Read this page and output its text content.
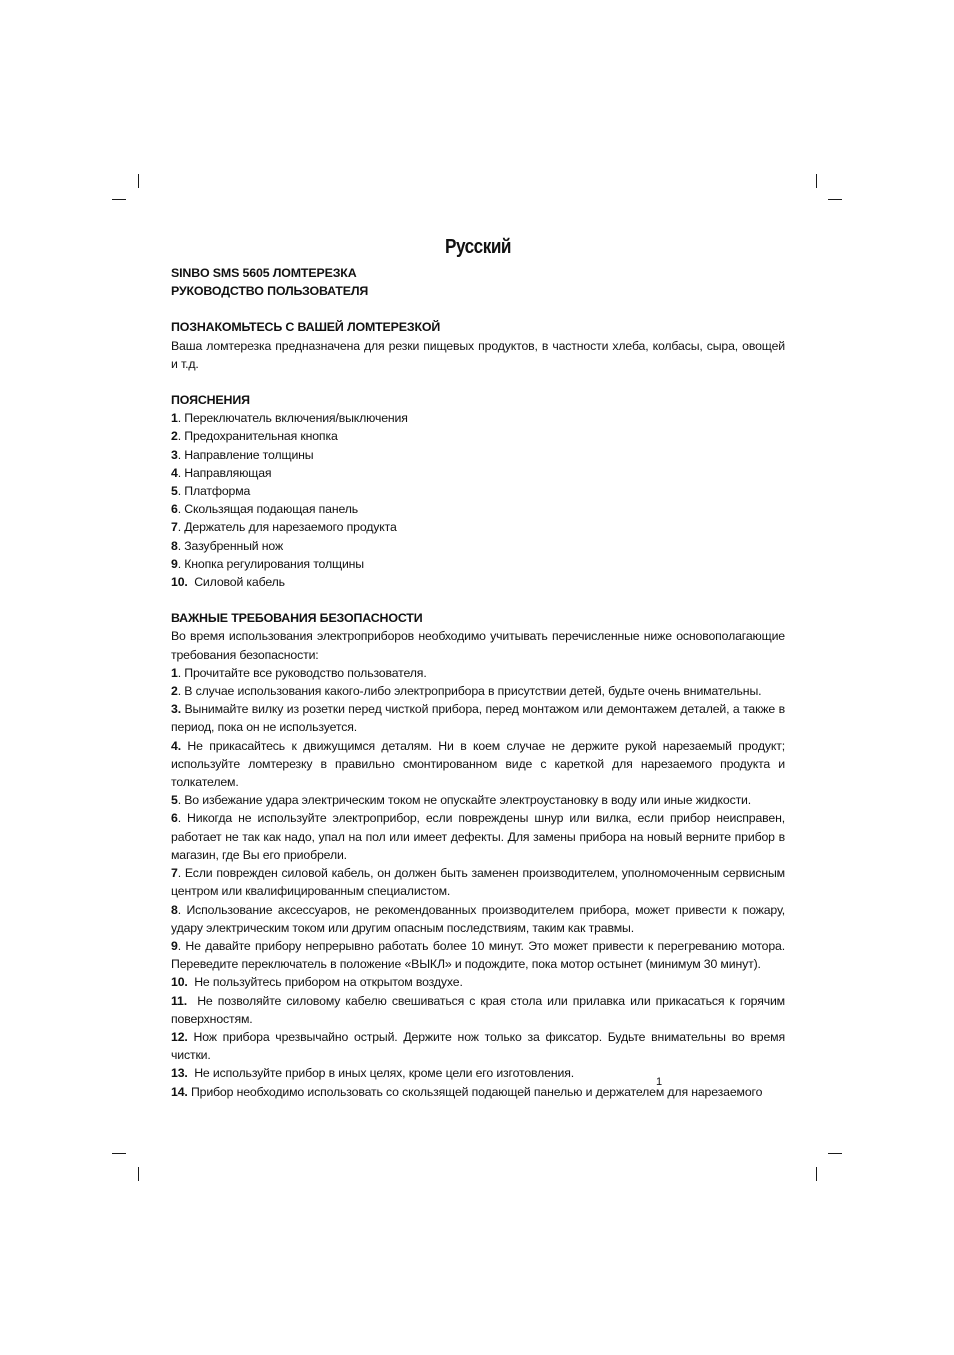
Русский
SINBO SMS 5605 ЛОМТЕРЕЗКА
РУКОВОДСТВО ПОЛЬЗОВАТЕЛЯ
ПОЗНАКОМЬТЕСЬ С ВАШЕЙ ЛОМТЕРЕЗКОЙ

Ваша ломтерезка предназначена для резки пищевых продуктов, в частности хлеба, колбасы, сыра, овощей и т.д.

ПОЯСНЕНИЯ
1. Переключатель включения/выключения
2. Предохранительная кнопка
3. Направление толщины
4. Направляющая
5. Платформа
6. Скользящая подающая панель
7. Держатель для нарезаемого продукта
8. Зазубренный нож
9. Кнопка регулирования толщины
10. Силовой кабель
ВАЖНЫЕ ТРЕБОВАНИЯ БЕЗОПАСНОСТИ

Во время использования электроприборов необходимо учитывать перечисленные ниже основополагающие требования безопасности:

1. Прочитайте все руководство пользователя.

2. В случае использования какого-либо электроприбора в присутствии детей, будьте очень внимательны.

3. Вынимайте вилку из розетки перед чисткой прибора, перед монтажом или демонтажем деталей, а также в период, пока он не используется.

4. Не прикасайтесь к движущимся деталям. Ни в коем случае не держите рукой нарезаемый продукт; используйте ломтерезку в правильно смонтированном виде с кареткой для нарезаемого продукта и толкателем.

5. Во избежание удара электрическим током не опускайте электроустановку в воду или иные жидкости.

6. Никогда не используйте электроприбор, если повреждены шнур или вилка, если прибор неисправен, работает не так как надо, упал на пол или имеет дефекты. Для замены прибора на новый верните прибор в магазин, где Вы его приобрели.

7. Если поврежден силовой кабель, он должен быть заменен производителем, уполномоченным сервисным центром или квалифицированным специалистом.

8. Использование аксессуаров, не рекомендованных производителем прибора, может привести к пожару, удару электрическим током или другим опасным последствиям, таким как травмы.

9. Не давайте прибору непрерывно работать более 10 минут. Это может привести к перегреванию мотора. Переведите переключатель в положение «ВЫКЛ» и подождите, пока мотор остынет (минимум 30 минут).

10. Не пользуйтесь прибором на открытом воздухе.

11. Не позволяйте силовому кабелю свешиваться с края стола или прилавка или прикасаться к горячим поверхностям.

12. Нож прибора чрезвычайно острый. Держите нож только за фиксатор. Будьте внимательны во время чистки.

13. Не используйте прибор в иных целях, кроме цели его изготовления.

14. Прибор необходимо использовать со скользящей подающей панелью и держателем для нарезаемого

1
